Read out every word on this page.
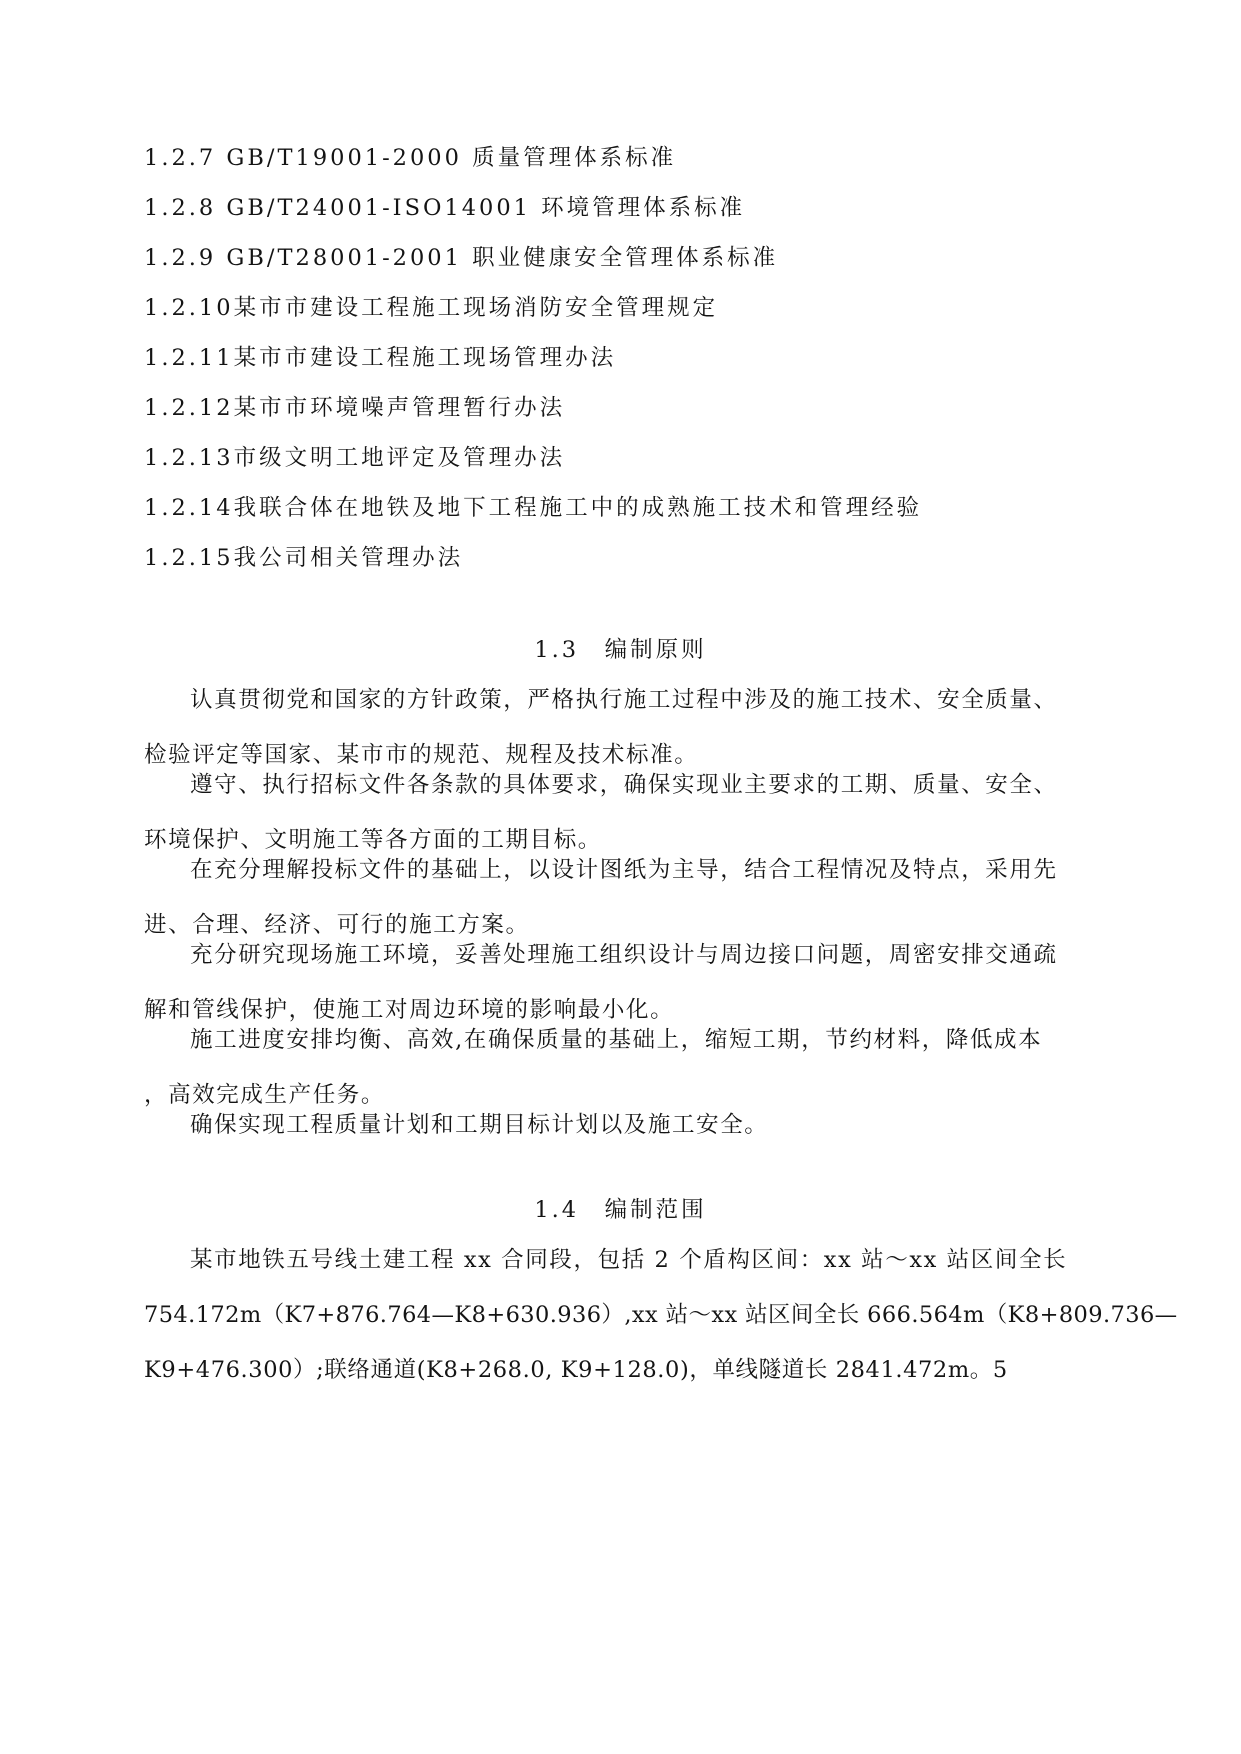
1.2.7 GB/T19001-2000 质量管理体系标准

1.2.8 GB/T24001-ISO14001 环境管理体系标准

1.2.9 GB/T28001-2001 职业健康安全管理体系标准

1.2.10某市市建设工程施工现场消防安全管理规定

1.2.11某市市建设工程施工现场管理办法

1.2.12某市市环境噪声管理暂行办法

1.2.13市级文明工地评定及管理办法

1.2.14我联合体在地铁及地下工程施工中的成熟施工技术和管理经验

1.2.15我公司相关管理办法

1.3　编制原则

认真贯彻党和国家的方针政策，严格执行施工过程中涉及的施工技术、安全质量、
检验评定等国家、某市市的规范、规程及技术标准。
遵守、执行招标文件各条款的具体要求，确保实现业主要求的工期、质量、安全、
环境保护、文明施工等各方面的工期目标。
在充分理解投标文件的基础上，以设计图纸为主导，结合工程情况及特点，采用先
进、合理、经济、可行的施工方案。
充分研究现场施工环境，妥善处理施工组织设计与周边接口问题，周密安排交通疏
解和管线保护，使施工对周边环境的影响最小化。
施工进度安排均衡、高效,在确保质量的基础上，缩短工期，节约材料，降低成本
，高效完成生产任务。
确保实现工程质量计划和工期目标计划以及施工安全。

1.4　编制范围

某市地铁五号线土建工程 xx 合同段，包括 2 个盾构区间：xx 站～xx 站区间全长
754.172m（K7+876.764—K8+630.936）,xx 站～xx 站区间全长 666.564m（K8+809.736—
K9+476.300）;联络通道(K8+268.0, K9+128.0)，单线隧道长 2841.472m。5
